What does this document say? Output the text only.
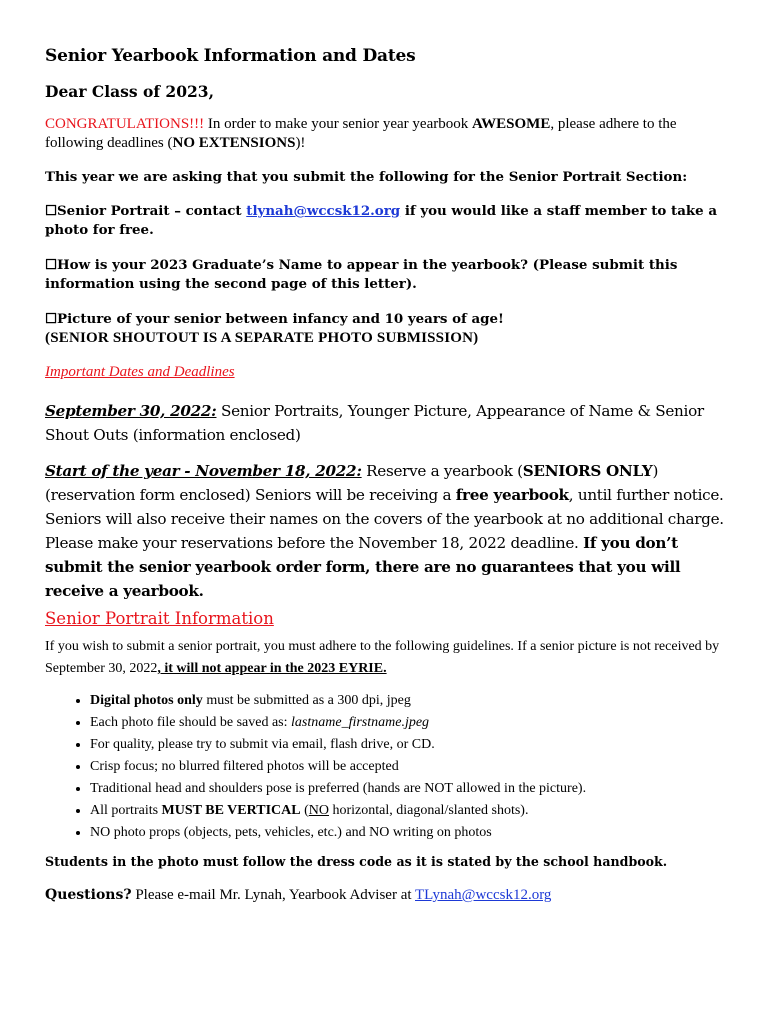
Senior Yearbook Information and Dates
Dear Class of 2023,
CONGRATULATIONS!!! In order to make your senior year yearbook AWESOME, please adhere to the following deadlines (NO EXTENSIONS)!
This year we are asking that you submit the following for the Senior Portrait Section:
☐Senior Portrait – contact tlynah@wccsk12.org if you would like a staff member to take a photo for free.
☐How is your 2023 Graduate’s Name to appear in the yearbook? (Please submit this information using the second page of this letter).
☐Picture of your senior between infancy and 10 years of age!
(SENIOR SHOUTOUT IS A SEPARATE PHOTO SUBMISSION)
Important Dates and Deadlines
September 30, 2022: Senior Portraits, Younger Picture, Appearance of Name & Senior Shout Outs (information enclosed)
Start of the year - November 18, 2022: Reserve a yearbook (SENIORS ONLY) (reservation form enclosed) Seniors will be receiving a free yearbook, until further notice. Seniors will also receive their names on the covers of the yearbook at no additional charge. Please make your reservations before the November 18, 2022 deadline. If you don’t submit the senior yearbook order form, there are no guarantees that you will receive a yearbook.
Senior Portrait Information
If you wish to submit a senior portrait, you must adhere to the following guidelines. If a senior picture is not received by September 30, 2022, it will not appear in the 2023 EYRIE.
• Digital photos only must be submitted as a 300 dpi, jpeg
• Each photo file should be saved as: lastname_firstname.jpeg
• For quality, please try to submit via email, flash drive, or CD.
• Crisp focus; no blurred filtered photos will be accepted
• Traditional head and shoulders pose is preferred (hands are NOT allowed in the picture).
• All portraits MUST BE VERTICAL (NO horizontal, diagonal/slanted shots).
• NO photo props (objects, pets, vehicles, etc.) and NO writing on photos
Students in the photo must follow the dress code as it is stated by the school handbook.
Questions? Please e-mail Mr. Lynah, Yearbook Adviser at TLynah@wccsk12.org
